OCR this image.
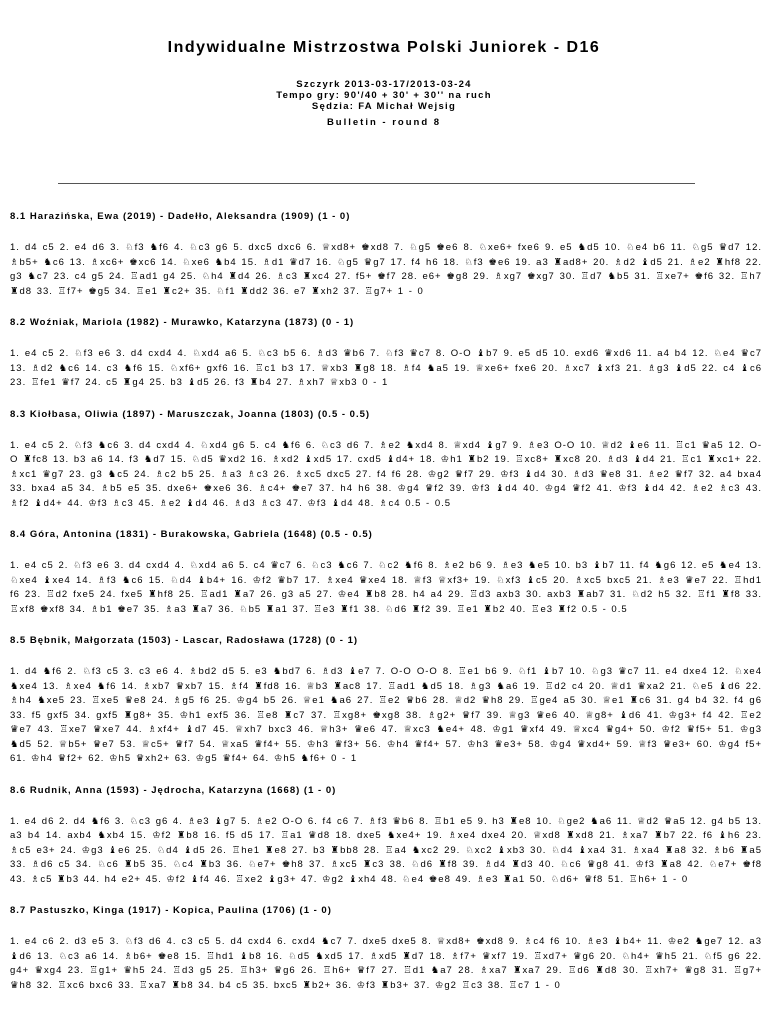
Indywidualne Mistrzostwa Polski Juniorek - D16
Szczyrk 2013-03-17/2013-03-24
Tempo gry: 90'/40 + 30' + 30'' na ruch
Sędzia: FA Michał Wejsig
Bulletin - round 8
8.1 Harazińska, Ewa (2019) - Dadełło, Aleksandra (1909) (1 - 0)
1. d4 c5 2. e4 d6 3. ♘f3 ♞f6 4. ♘c3 g6 5. dxc5 dxc6 6. ♕xd8+ ♚xd8 7. ♘g5 ♚e6 8. ♘xe6+ fxe6 9. e5 ♞d5 10. ♘e4 b6 11. ♘g5 ♛d7 12. ♗b5+ ♞c6 13. ♗xc6+ ♚xc6 14. ♘xe6 ♞b4 15. ♗d1 ♛d7 16. ♘g5 ♛g7 17. f4 h6 18. ♘f3 ♚e6 19. a3 ♜ad8+ 20. ♗d2 ♝d5 21. ♗e2 ♜hf8 22. g3 ♞c7 23. c4 g5 24. ♖ad1 g4 25. ♘h4 ♜d4 26. ♗c3 ♜xc4 27. f5+ ♚f7 28. e6+ ♚g8 29. ♗xg7 ♚xg7 30. ♖d7 ♞b5 31. ♖xe7+ ♚f6 32. ♖h7 ♜d8 33. ♖f7+ ♚g5 34. ♖e1 ♜c2+ 35. ♘f1 ♜dd2 36. e7 ♜xh2 37. ♖g7+ 1 - 0
8.2 Woźniak, Mariola (1982) - Murawko, Katarzyna (1873) (0 - 1)
1. e4 c5 2. ♘f3 e6 3. d4 cxd4 4. ♘xd4 a6 5. ♘c3 b5 6. ♗d3 ♛b6 7. ♘f3 ♛c7 8. O-O ♝b7 9. e5 d5 10. exd6 ♛xd6 11. a4 b4 12. ♘e4 ♛c7 13. ♗d2 ♞c6 14. c3 ♞f6 15. ♘xf6+ gxf6 16. ♖c1 b3 17. ♕xb3 ♜g8 18. ♗f4 ♞a5 19. ♕xe6+ fxe6 20. ♗xc7 ♝xf3 21. ♗g3 ♝d5 22. c4 ♝c6 23. ♖fe1 ♛f7 24. c5 ♜g4 25. b3 ♝d5 26. f3 ♜b4 27. ♗xh7 ♕xb3 0 - 1
8.3 Kiołbasa, Oliwia (1897) - Maruszczak, Joanna (1803) (0.5 - 0.5)
1. e4 c5 2. ♘f3 ♞c6 3. d4 cxd4 4. ♘xd4 g6 5. c4 ♞f6 6. ♘c3 d6 7. ♗e2 ♞xd4 8. ♕xd4 ♝g7 9. ♗e3 O-O 10. ♕d2 ♝e6 11. ♖c1 ♛a5 12. O-O ♜fc8 13. b3 a6 14. f3 ♞d7 15. ♘d5 ♛xd2 16. ♗xd2 ♝xd5 17. cxd5 ♝d4+ 18. ♔h1 ♜b2 19. ♖xc8+ ♜xc8 20. ♗d3 ♝d4 21. ♖c1 ♜xc1+ 22. ♗xc1 ♛g7 23. g3 ♞c5 24. ♗c2 b5 25. ♗a3 ♗c3 26. ♗xc5 dxc5 27. f4 f6 28. ♔g2 ♛f7 29. ♔f3 ♝d4 30. ♗d3 ♛e8 31. ♗e2 ♛f7 32. a4 bxa4 33. bxa4 a5 34. ♗b5 e5 35. dxe6+ ♚xe6 36. ♗c4+ ♚e7 37. h4 h6 38. ♔g4 ♛f2 39. ♔f3 ♝d4 40. ♔g4 ♛f2 41. ♔f3 ♝d4 42. ♗e2 ♗c3 43. ♗f2 ♝d4+ 44. ♔f3 ♗c3 45. ♗e2 ♝d4 46. ♗d3 ♗c3 47. ♔f3 ♝d4 48. ♗c4 0.5 - 0.5
8.4 Góra, Antonina (1831) - Burakowska, Gabriela (1648) (0.5 - 0.5)
1. e4 c5 2. ♘f3 e6 3. d4 cxd4 4. ♘xd4 a6 5. c4 ♛c7 6. ♘c3 ♞c6 7. ♘c2 ♞f6 8. ♗e2 b6 9. ♗e3 ♞e5 10. b3 ♝b7 11. f4 ♞g6 12. e5 ♞e4 13. ♘xe4 ♝xe4 14. ♗f3 ♞c6 15. ♘d4 ♝b4+ 16. ♔f2 ♛b7 17. ♗xe4 ♛xe4 18. ♕f3 ♕xf3+ 19. ♘xf3 ♝c5 20. ♗xc5 bxc5 21. ♗e3 ♛e7 22. ♖hd1 f6 23. ♖d2 fxe5 24. fxe5 ♜hf8 25. ♖ad1 ♜a7 26. g3 a5 27. ♔e4 ♜b8 28. h4 a4 29. ♖d3 axb3 30. axb3 ♜ab7 31. ♘d2 h5 32. ♖f1 ♜f8 33. ♖xf8 ♚xf8 34. ♗b1 ♚e7 35. ♗a3 ♜a7 36. ♘b5 ♜a1 37. ♖e3 ♜f1 38. ♘d6 ♜f2 39. ♖e1 ♜b2 40. ♖e3 ♜f2 0.5 - 0.5
8.5 Bębnik, Małgorzata (1503) - Lascar, Radosława (1728) (0 - 1)
1. d4 ♞f6 2. ♘f3 c5 3. c3 e6 4. ♗bd2 d5 5. e3 ♞bd7 6. ♗d3 ♝e7 7. O-O O-O 8. ♖e1 b6 9. ♘f1 ♝b7 10. ♘g3 ♛c7 11. e4 dxe4 12. ♘xe4 ♞xe4 13. ♗xe4 ♞f6 14. ♗xb7 ♛xb7 15. ♗f4 ♜fd8 16. ♕b3 ♜ac8 17. ♖ad1 ♞d5 18. ♗g3 ♞a6 19. ♖d2 c4 20. ♕d1 ♛xa2 21. ♘e5 ♝d6 22. ♗h4 ♞xe5 23. ♖xe5 ♛e8 24. ♗g5 f6 25. ♔g4 b5 26. ♕e1 ♞a6 27. ♖e2 ♛b6 28. ♕d2 ♛h8 29. ♖ge4 a5 30. ♕e1 ♜c6 31. g4 b4 32. f4 g6 33. f5 gxf5 34. gxf5 ♜g8+ 35. ♔h1 exf5 36. ♖e8 ♜c7 37. ♖xg8+ ♚xg8 38. ♗g2+ ♛f7 39. ♕g3 ♛e6 40. ♕g8+ ♝d6 41. ♔g3+ f4 42. ♖e2 ♛e7 43. ♖xe7 ♛xe7 44. ♗xf4+ ♝d7 45. ♕xh7 bxc3 46. ♕h3+ ♛e6 47. ♕xc3 ♞e4+ 48. ♔g1 ♛xf4 49. ♕xc4 ♛g4+ 50. ♔f2 ♛f5+ 51. ♔g3 ♞d5 52. ♕b5+ ♛e7 53. ♕c5+ ♛f7 54. ♕xa5 ♛f4+ 55. ♔h3 ♛f3+ 56. ♔h4 ♛f4+ 57. ♔h3 ♛e3+ 58. ♔g4 ♛xd4+ 59. ♕f3 ♛e3+ 60. ♔g4 f5+ 61. ♔h4 ♛f2+ 62. ♔h5 ♛xh2+ 63. ♔g5 ♛f4+ 64. ♔h5 ♞f6+ 0 - 1
8.6 Rudnik, Anna (1593) - Jędrocha, Katarzyna (1668) (1 - 0)
1. e4 d6 2. d4 ♞f6 3. ♘c3 g6 4. ♗e3 ♝g7 5. ♗e2 O-O 6. f4 c6 7. ♗f3 ♛b6 8. ♖b1 e5 9. h3 ♜e8 10. ♘ge2 ♞a6 11. ♕d2 ♛a5 12. g4 b5 13. a3 b4 14. axb4 ♞xb4 15. ♔f2 ♜b8 16. f5 d5 17. ♖a1 ♛d8 18. dxe5 ♞xe4+ 19. ♗xe4 dxe4 20. ♕xd8 ♜xd8 21. ♗xa7 ♜b7 22. f6 ♝h6 23. ♗c5 e3+ 24. ♔g3 ♝e6 25. ♘d4 ♝d5 26. ♖he1 ♜e8 27. b3 ♜bb8 28. ♖a4 ♞xc2 29. ♘xc2 ♝xb3 30. ♘d4 ♝xa4 31. ♗xa4 ♜a8 32. ♗b6 ♜a5 33. ♗d6 c5 34. ♘c6 ♜b5 35. ♘c4 ♜b3 36. ♘e7+ ♚h8 37. ♗xc5 ♜c3 38. ♘d6 ♜f8 39. ♗d4 ♜d3 40. ♘c6 ♛g8 41. ♔f3 ♜a8 42. ♘e7+ ♚f8 43. ♗c5 ♜b3 44. h4 e2+ 45. ♔f2 ♝f4 46. ♖xe2 ♝g3+ 47. ♔g2 ♝xh4 48. ♘e4 ♚e8 49. ♗e3 ♜a1 50. ♘d6+ ♛f8 51. ♖h6+ 1 - 0
8.7 Pastuszko, Kinga (1917) - Kopica, Paulina (1706) (1 - 0)
1. e4 c6 2. d3 e5 3. ♘f3 d6 4. c3 c5 5. d4 cxd4 6. cxd4 ♞c7 7. dxe5 dxe5 8. ♕xd8+ ♚xd8 9. ♗c4 f6 10. ♗e3 ♝b4+ 11. ♔e2 ♞ge7 12. a3 ♝d6 13. ♘c3 a6 14. ♗b6+ ♚e8 15. ♖hd1 ♝b8 16. ♘d5 ♞xd5 17. ♗xd5 ♜d7 18. ♗f7+ ♛xf7 19. ♖xd7+ ♛g6 20. ♘h4+ ♛h5 21. ♘f5 g6 22. g4+ ♛xg4 23. ♖g1+ ♛h5 24. ♖d3 g5 25. ♖h3+ ♛g6 26. ♖h6+ ♛f7 27. ♖d1 ♞a7 28. ♗xa7 ♜xa7 29. ♖d6 ♜d8 30. ♖xh7+ ♛g8 31. ♖g7+ ♛h8 32. ♖xc6 bxc6 33. ♖xa7 ♜b8 34. b4 c5 35. bxc5 ♜b2+ 36. ♔f3 ♜b3+ 37. ♔g2 ♖c3 38. ♖c7 1 - 0
